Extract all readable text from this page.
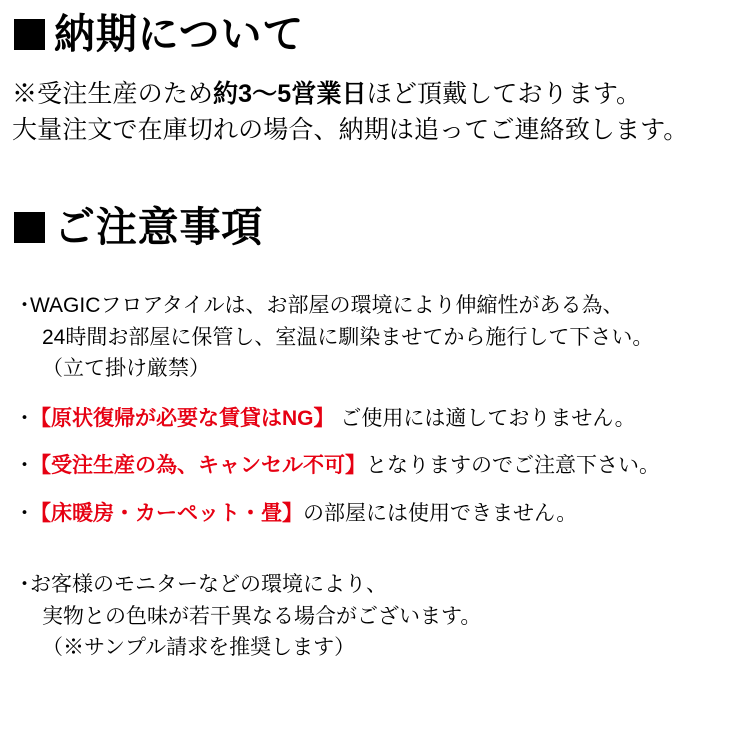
納期について
※受注生産のため約3〜5営業日ほど頂戴しております。
大量注文で在庫切れの場合、納期は追ってご連絡致します。
ご注意事項
・
WAGICフロアタイルは、お部屋の環境により伸縮性がある為、
24時間お部屋に保管し、室温に馴染ませてから施行して下さい。
（立て掛け厳禁）
・
【原状復帰が必要な賃貸はNG】 ご使用には適しておりません。
・
【受注生産の為、キャンセル不可】となりますのでご注意下さい。
・
【床暖房・カーペット・畳】の部屋には使用できません。
・
お客様のモニターなどの環境により、
実物との色味が若干異なる場合がございます。
（※サンプル請求を推奨します）
